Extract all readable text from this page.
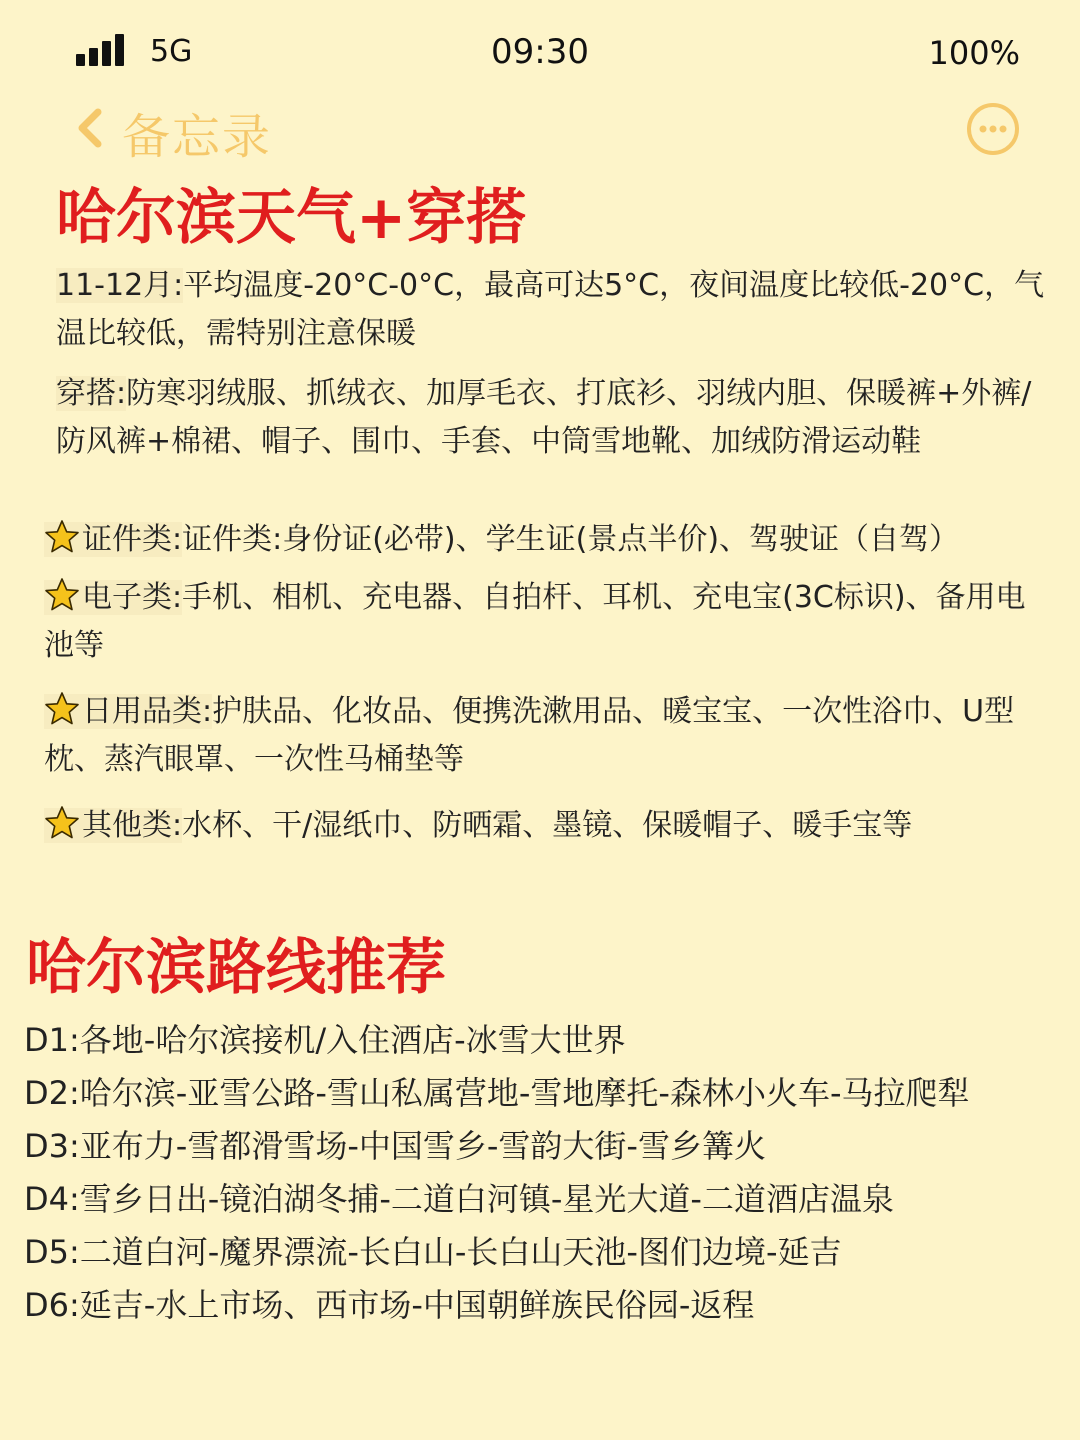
5G	09:30	100%
备忘录
哈尔滨天气+穿搭
11-12月:平均温度-20°C-0°C，最高可达5°C，夜间温度比较低-20°C，气温比较低，需特别注意保暖
穿搭:防寒羽绒服、抓绒衣、加厚毛衣、打底衫、羽绒内胆、保暖裤+外裤/防风裤+棉裙、帽子、围巾、手套、中筒雪地靴、加绒防滑运动鞋
证件类:证件类:身份证(必带)、学生证(景点半价)、驾驶证（自驾）
电子类:手机、相机、充电器、自拍杆、耳机、充电宝(3C标识)、备用电池等
日用品类:护肤品、化妆品、便携洗漱用品、暖宝宝、一次性浴巾、U型枕、蒸汽眼罩、一次性马桶垫等
其他类:水杯、干/湿纸巾、防晒霜、墨镜、保暖帽子、暖手宝等
哈尔滨路线推荐

D1:各地-哈尔滨接机/入住酒店-冰雪大世界

D2:哈尔滨-亚雪公路-雪山私属营地-雪地摩托-森林小火车-马拉爬犁

D3:亚布力-雪都滑雪场-中国雪乡-雪韵大街-雪乡篝火

D4:雪乡日出-镜泊湖冬捕-二道白河镇-星光大道-二道酒店温泉

D5:二道白河-魔界漂流-长白山-长白山天池-图们边境-延吉

D6:延吉-水上市场、西市场-中国朝鲜族民俗园-返程
